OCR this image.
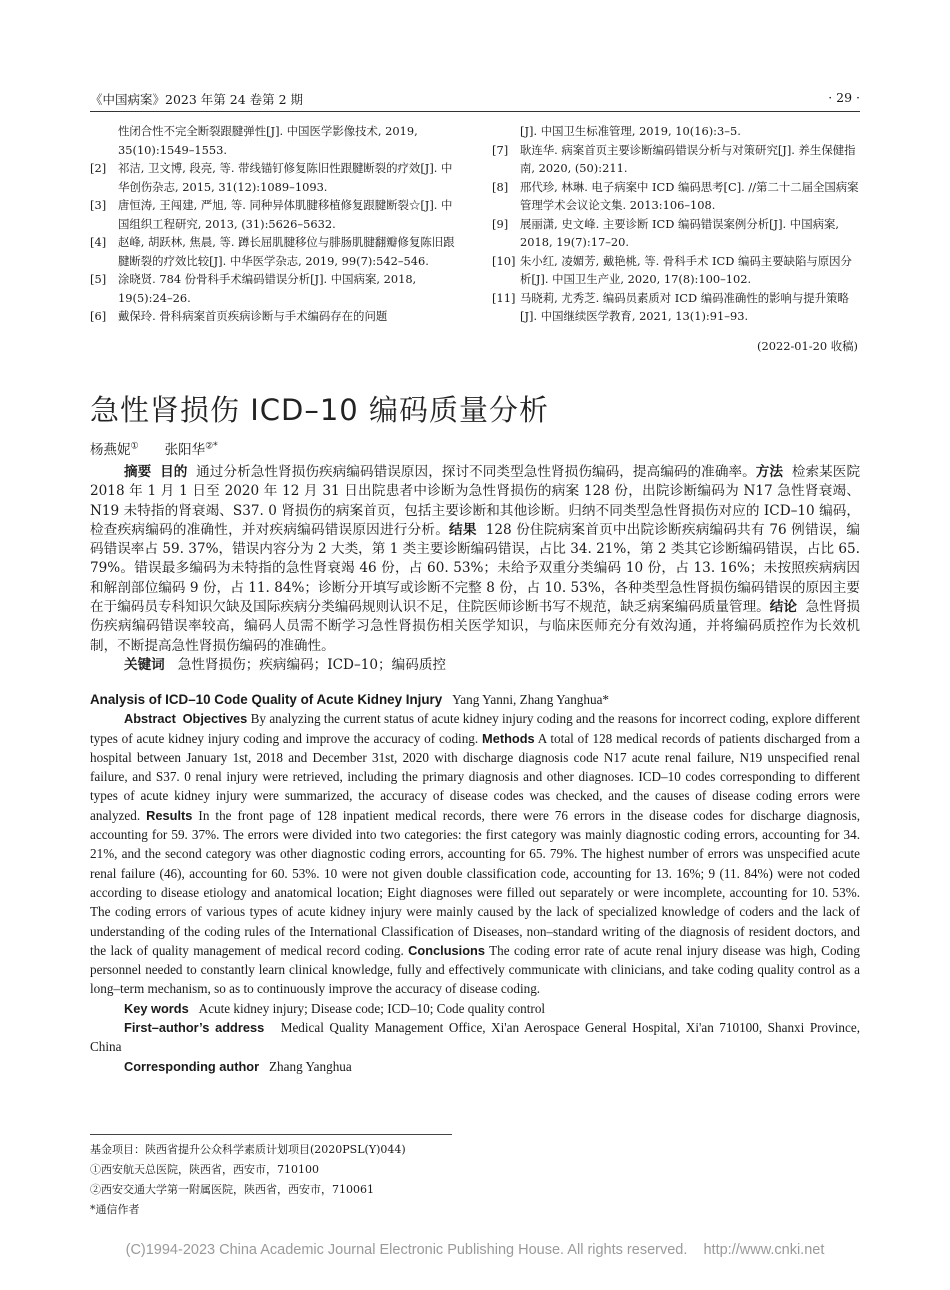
《中国病案》2023 年第 24 卷第 2 期	· 29 ·

性闭合性不完全断裂跟腱弹性[J]. 中国医学影像技术, 2019, 35(10):1549–1553.

[2] 祁洁, 卫文博, 段亮, 等. 带线锚钉修复陈旧性跟腱断裂的疗效[J]. 中华创伤杂志, 2015, 31(12):1089–1093.

[3] 唐恒涛, 王闯建, 严旭, 等. 同种异体肌腱移植修复跟腱断裂☆[J]. 中国组织工程研究, 2013, (31):5626–5632.

[4] 赵峰, 胡跃林, 焦晨, 等. 蹲长屈肌腱移位与腓肠肌腱翻瓣修复陈旧跟腱断裂的疗效比较[J]. 中华医学杂志, 2019, 99(7):542–546.

[5] 涂晓贤. 784 份骨科手术编码错误分析[J]. 中国病案, 2018, 19(5):24–26.

[6] 戴保玲. 骨科病案首页疾病诊断与手术编码存在的问题

[J]. 中国卫生标准管理, 2019, 10(16):3–5.

[7] 耿连华. 病案首页主要诊断编码错误分析与对策研究[J]. 养生保健指南, 2020, (50):211.

[8] 邢代珍, 林琳. 电子病案中 ICD 编码思考[C]. //第二十二届全国病案管理学术会议论文集. 2013:106–108.

[9] 展丽潇, 史文峰. 主要诊断 ICD 编码错误案例分析[J]. 中国病案, 2018, 19(7):17–20.

[10] 朱小红, 凌媚芳, 戴艳桃, 等. 骨科手术 ICD 编码主要缺陷与原因分析[J]. 中国卫生产业, 2020, 17(8):100–102.

[11] 马晓莉, 尤秀芝. 编码员素质对 ICD 编码准确性的影响与提升策略[J]. 中国继续医学教育, 2021, 13(1):91–93.

(2022-01-20 收稿)

急性肾损伤 ICD–10 编码质量分析
杨燕妮① 张阳华②*

摘要 目的 通过分析急性肾损伤疾病编码错误原因，探讨不同类型急性肾损伤编码，提高编码的准确率。方法 检索某医院 2018 年 1 月 1 日至 2020 年 12 月 31 日出院患者中诊断为急性肾损伤的病案 128 份，出院诊断编码为 N17 急性肾衰竭、N19 未特指的肾衰竭、S37. 0 肾损伤的病案首页，包括主要诊断和其他诊断。归纳不同类型急性肾损伤对应的 ICD–10 编码，检查疾病编码的准确性，并对疾病编码错误原因进行分析。结果 128 份住院病案首页中出院诊断疾病编码共有 76 例错误，编码错误率占 59. 37%，错误内容分为 2 大类，第 1 类主要诊断编码错误，占比 34. 21%，第 2 类其它诊断编码错误，占比 65. 79%。错误最多编码为未特指的急性肾衰竭 46 份，占 60. 53%；未给予双重分类编码 10 份，占 13. 16%；未按照疾病病因和解剖部位编码 9 份，占 11. 84%；诊断分开填写或诊断不完整 8 份，占 10. 53%，各种类型急性肾损伤编码错误的原因主要在于编码员专科知识欠缺及国际疾病分类编码规则认识不足，住院医师诊断书写不规范，缺乏病案编码质量管理。结论 急性肾损伤疾病编码错误率较高，编码人员需不断学习急性肾损伤相关医学知识，与临床医师充分有效沟通，并将编码质控作为长效机制，不断提高急性肾损伤编码的准确性。

关键词 急性肾损伤；疾病编码；ICD–10；编码质控

Analysis of ICD–10 Code Quality of Acute Kidney Injury Yang Yanni, Zhang Yanghua*

Abstract Objectives By analyzing the current status of acute kidney injury coding and the reasons for incorrect coding, explore different types of acute kidney injury coding and improve the accuracy of coding. Methods A total of 128 medical records of patients discharged from a hospital between January 1st, 2018 and December 31st, 2020 with discharge diagnosis code N17 acute renal failure, N19 unspecified renal failure, and S37. 0 renal injury were retrieved, including the primary diagnosis and other diagnoses. ICD–10 codes corresponding to different types of acute kidney injury were summarized, the accuracy of disease codes was checked, and the causes of disease coding errors were analyzed. Results In the front page of 128 inpatient medical records, there were 76 errors in the disease codes for discharge diagnosis, accounting for 59. 37%. The errors were divided into two categories: the first category was mainly diagnostic coding errors, accounting for 34. 21%, and the second category was other diagnostic coding errors, accounting for 65. 79%. The highest number of errors was unspecified acute renal failure (46), accounting for 60. 53%. 10 were not given double classification code, accounting for 13. 16%; 9 (11. 84%) were not coded according to disease etiology and anatomical location; Eight diagnoses were filled out separately or were incomplete, accounting for 10. 53%. The coding errors of various types of acute kidney injury were mainly caused by the lack of specialized knowledge of coders and the lack of understanding of the coding rules of the International Classification of Diseases, non–standard writing of the diagnosis of resident doctors, and the lack of quality management of medical record coding. Conclusions The coding error rate of acute renal injury disease was high, Coding personnel needed to constantly learn clinical knowledge, fully and effectively communicate with clinicians, and take coding quality control as a long–term mechanism, so as to continuously improve the accuracy of disease coding.

Key words Acute kidney injury; Disease code; ICD–10; Code quality control

First–author’s address Medical Quality Management Office, Xi'an Aerospace General Hospital, Xi'an 710100, Shanxi Province, China

Corresponding author Zhang Yanghua

基金项目：陕西省提升公众科学素质计划项目(2020PSL(Y)044)

①西安航天总医院，陕西省，西安市，710100

②西安交通大学第一附属医院，陕西省，西安市，710061

*通信作者

(C)1994-2023 China Academic Journal Electronic Publishing House. All rights reserved.    http://www.cnki.net
